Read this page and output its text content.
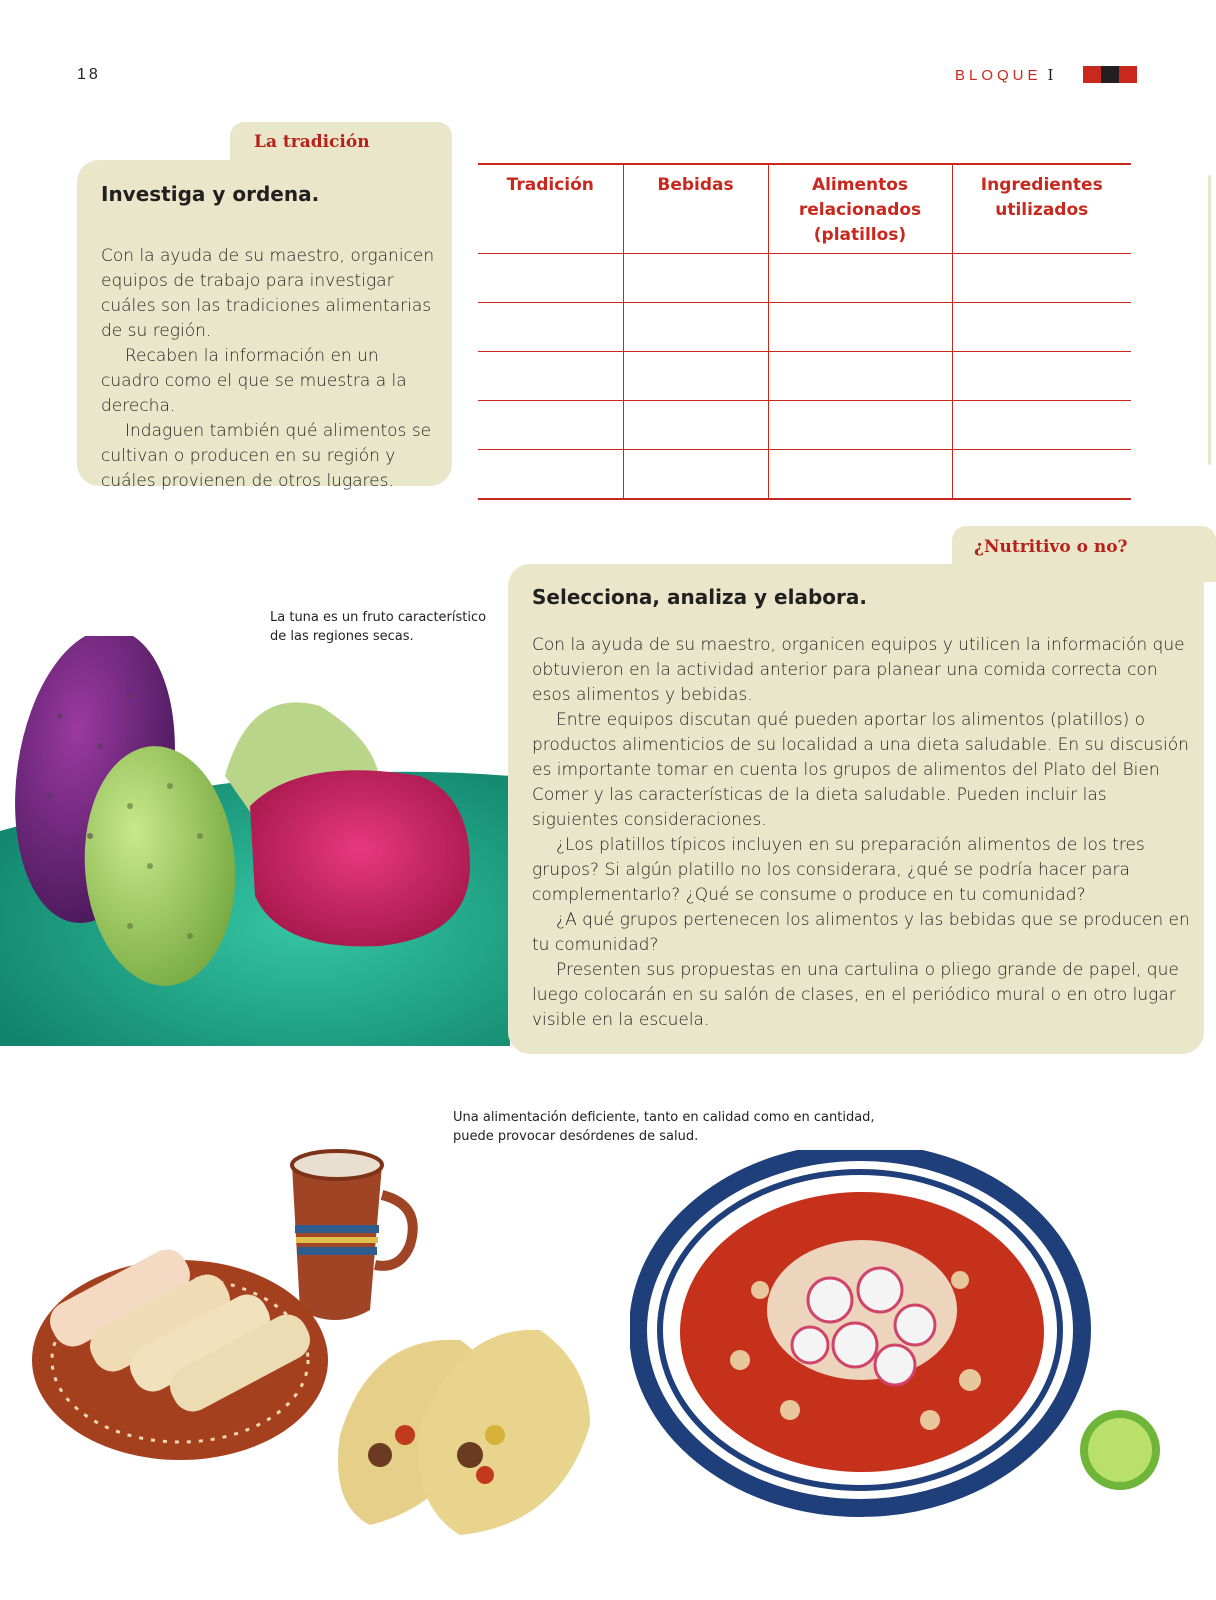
18	BLOQUE I
La tradición
Investiga y ordena.
Con la ayuda de su maestro, organicen equipos de trabajo para investigar cuáles son las tradiciones alimentarias de su región.
Recaben la información en un cuadro como el que se muestra a la derecha.
Indaguen también qué alimentos se cultivan o producen en su región y cuáles provienen de otros lugares.
Tradición	Bebidas	Alimentos relacionados (platillos)	Ingredientes utilizados

La tuna es un fruto característico de las regiones secas.
¿Nutritivo o no?
Selecciona, analiza y elabora.
Con la ayuda de su maestro, organicen equipos y utilicen la información que obtuvieron en la actividad anterior para planear una comida correcta con esos alimentos y bebidas.
Entre equipos discutan qué pueden aportar los alimentos (platillos) o productos alimenticios de su localidad a una dieta saludable. En su discusión es importante tomar en cuenta los grupos de alimentos del Plato del Bien Comer y las características de la dieta saludable. Pueden incluir las siguientes consideraciones.
¿Los platillos típicos incluyen en su preparación alimentos de los tres grupos? Si algún platillo no los considerara, ¿qué se podría hacer para complementarlo? ¿Qué se consume o produce en tu comunidad?
¿A qué grupos pertenecen los alimentos y las bebidas que se producen en tu comunidad?
Presenten sus propuestas en una cartulina o pliego grande de papel, que luego colocarán en su salón de clases, en el periódico mural o en otro lugar visible en la escuela.
Una alimentación deficiente, tanto en calidad como en cantidad, puede provocar desórdenes de salud.
